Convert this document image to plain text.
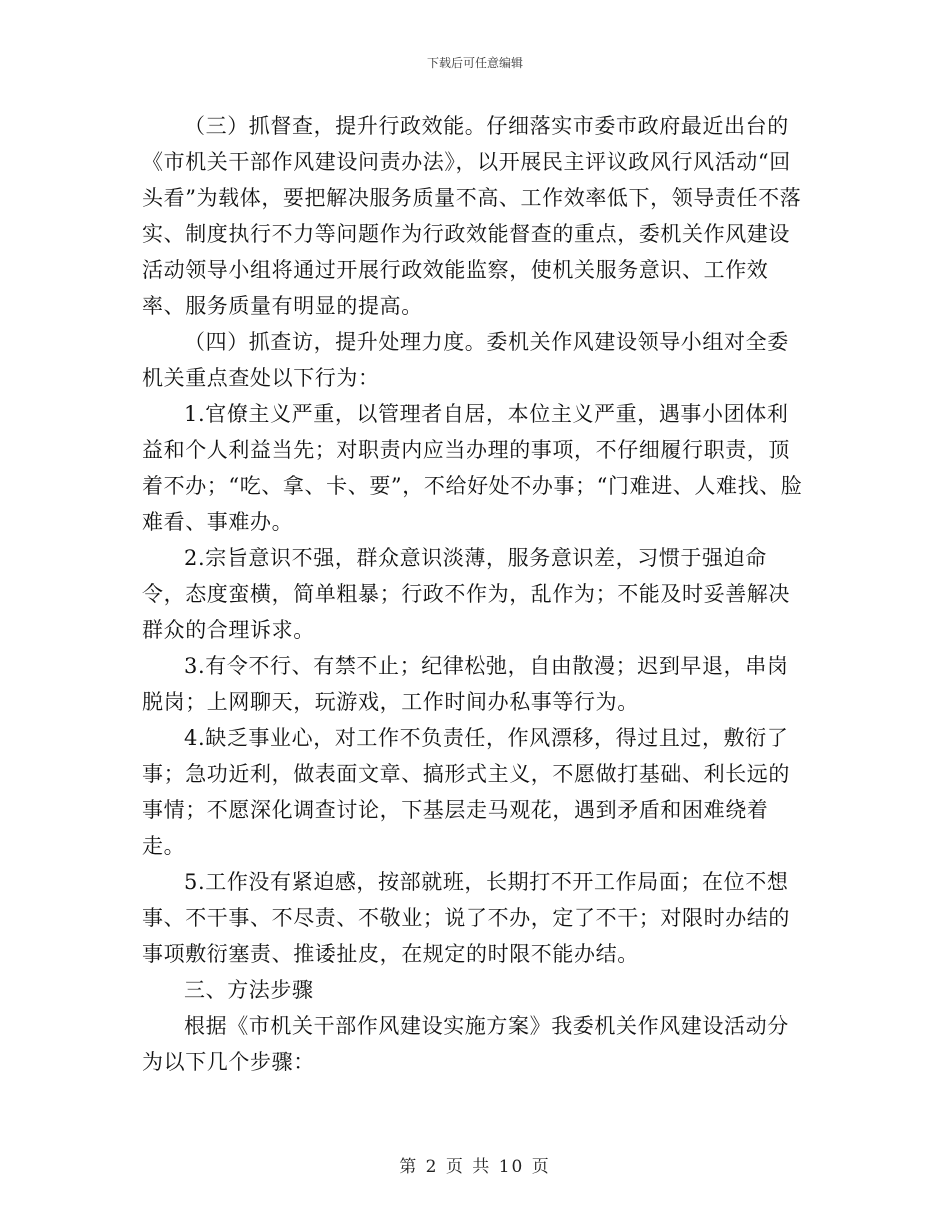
下载后可任意编辑

（三）抓督查，提升行政效能。仔细落实市委市政府最近出台的《市机关干部作风建设问责办法》，以开展民主评议政风行风活动“回头看”为载体，要把解决服务质量不高、工作效率低下，领导责任不落实、制度执行不力等问题作为行政效能督查的重点，委机关作风建设活动领导小组将通过开展行政效能监察，使机关服务意识、工作效率、服务质量有明显的提高。

（四）抓查访，提升处理力度。委机关作风建设领导小组对全委机关重点查处以下行为：

1.官僚主义严重，以管理者自居，本位主义严重，遇事小团体利益和个人利益当先；对职责内应当办理的事项，不仔细履行职责，顶着不办；“吃、拿、卡、要”，不给好处不办事；“门难进、人难找、脸难看、事难办。

2.宗旨意识不强，群众意识淡薄，服务意识差，习惯于强迫命令，态度蛮横，简单粗暴；行政不作为，乱作为；不能及时妥善解决群众的合理诉求。

3.有令不行、有禁不止；纪律松弛，自由散漫；迟到早退，串岗脱岗；上网聊天，玩游戏，工作时间办私事等行为。

4.缺乏事业心，对工作不负责任，作风漂移，得过且过，敷衍了事；急功近利，做表面文章、搞形式主义，不愿做打基础、利长远的事情；不愿深化调查讨论，下基层走马观花，遇到矛盾和困难绕着走。

5.工作没有紧迫感，按部就班，长期打不开工作局面；在位不想事、不干事、不尽责、不敬业；说了不办，定了不干；对限时办结的事项敷衍塞责、推诿扯皮，在规定的时限不能办结。

三、方法步骤

根据《市机关干部作风建设实施方案》我委机关作风建设活动分为以下几个步骤：

第 2 页 共 10 页
